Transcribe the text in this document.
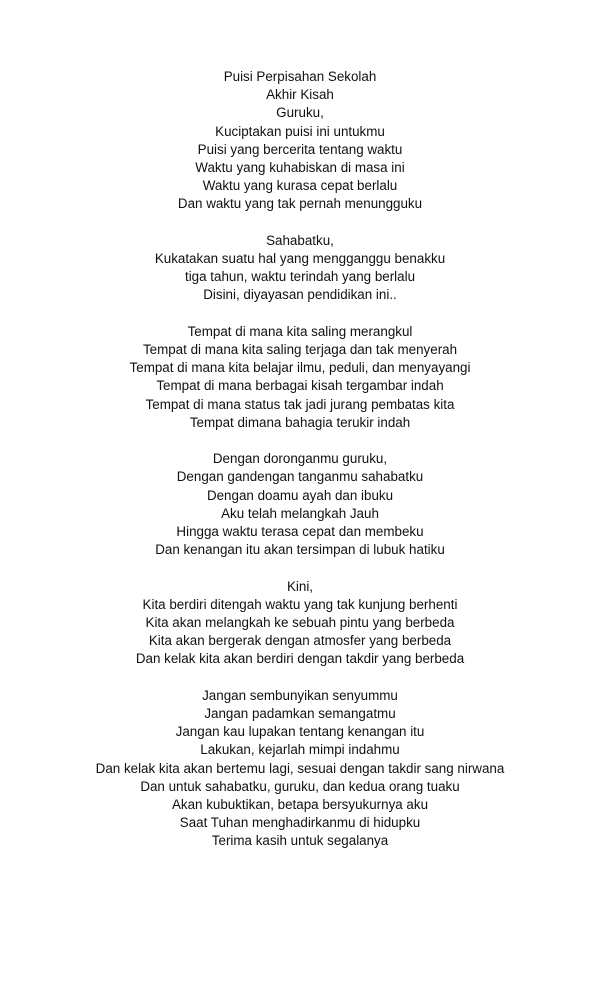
Puisi Perpisahan Sekolah
Akhir Kisah
Guruku,
Kuciptakan puisi ini untukmu
Puisi yang bercerita tentang waktu
Waktu yang kuhabiskan di masa ini
Waktu yang kurasa cepat berlalu
Dan waktu yang tak pernah menungguku
Sahabatku,
Kukatakan suatu hal yang mengganggu benakku
tiga tahun, waktu terindah yang berlalu
Disini, diyayasan pendidikan ini..
Tempat di mana kita saling merangkul
Tempat di mana kita saling terjaga dan tak menyerah
Tempat di mana kita belajar ilmu, peduli, dan menyayangi
Tempat di mana berbagai kisah tergambar indah
Tempat di mana status tak jadi jurang pembatas kita
Tempat dimana bahagia terukir indah
Dengan doronganmu guruku,
Dengan gandengan tanganmu sahabatku
Dengan doamu ayah dan ibuku
Aku telah melangkah Jauh
Hingga waktu terasa cepat dan membeku
Dan kenangan itu akan tersimpan di lubuk hatiku
Kini,
Kita berdiri ditengah waktu yang tak kunjung berhenti
Kita akan melangkah ke sebuah pintu yang berbeda
Kita akan bergerak dengan atmosfer yang berbeda
Dan kelak kita akan berdiri dengan takdir yang berbeda
Jangan sembunyikan senyummu
Jangan padamkan semangatmu
Jangan kau lupakan tentang kenangan itu
Lakukan, kejarlah mimpi indahmu
Dan kelak kita akan bertemu lagi, sesuai dengan takdir sang nirwana
Dan untuk sahabatku, guruku, dan kedua orang tuaku
Akan kubuktikan, betapa bersyukurnya aku
Saat Tuhan menghadirkanmu di hidupku
Terima kasih untuk segalanya
